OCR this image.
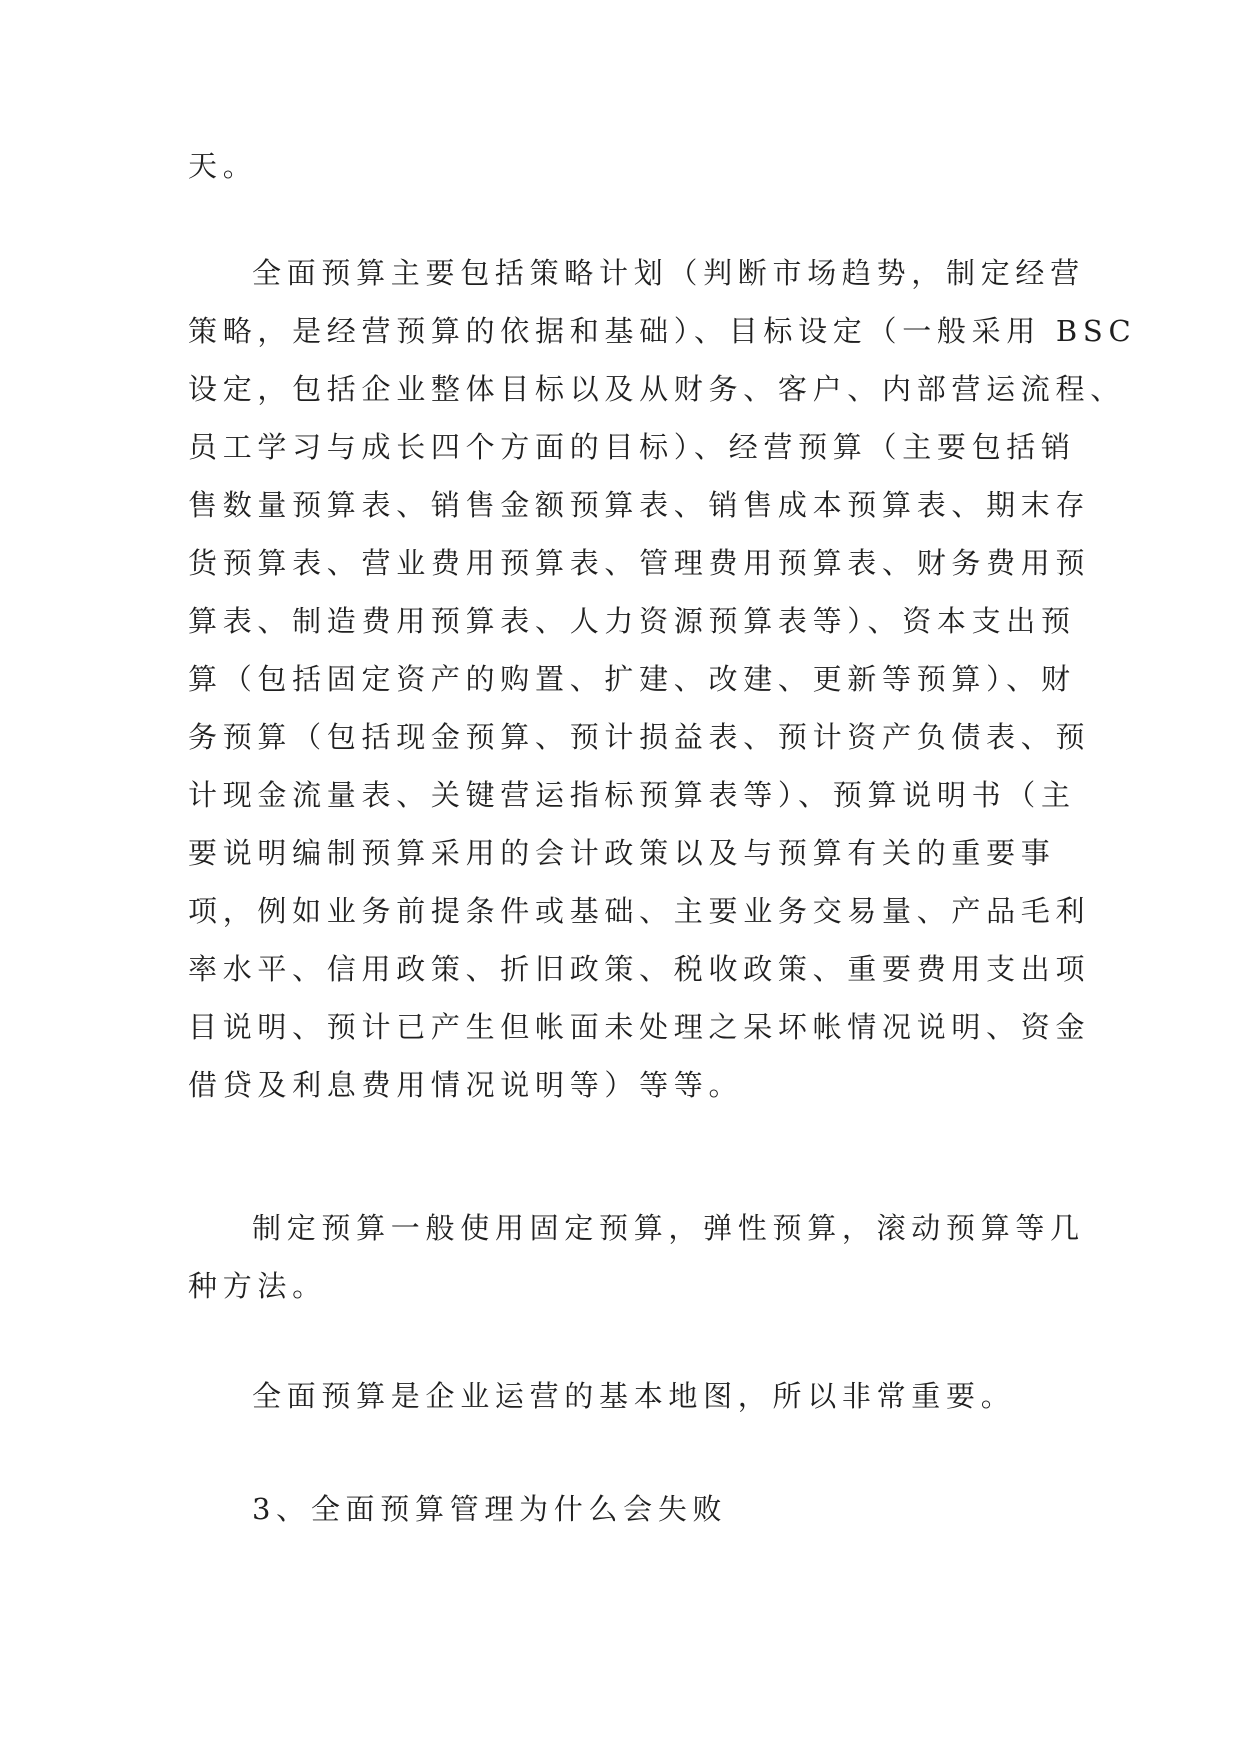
天。
全面预算主要包括策略计划（判断市场趋势，制定经营
策略，是经营预算的依据和基础）、目标设定（一般采用 BSC
设定，包括企业整体目标以及从财务、客户、内部营运流程、
员工学习与成长四个方面的目标）、经营预算（主要包括销
售数量预算表、销售金额预算表、销售成本预算表、期末存
货预算表、营业费用预算表、管理费用预算表、财务费用预
算表、制造费用预算表、人力资源预算表等）、资本支出预
算（包括固定资产的购置、扩建、改建、更新等预算）、财
务预算（包括现金预算、预计损益表、预计资产负债表、预
计现金流量表、关键营运指标预算表等）、预算说明书（主
要说明编制预算采用的会计政策以及与预算有关的重要事
项，例如业务前提条件或基础、主要业务交易量、产品毛利
率水平、信用政策、折旧政策、税收政策、重要费用支出项
目说明、预计已产生但帐面未处理之呆坏帐情况说明、资金
借贷及利息费用情况说明等）等等。
制定预算一般使用固定预算，弹性预算，滚动预算等几
种方法。
全面预算是企业运营的基本地图，所以非常重要。
3、全面预算管理为什么会失败
